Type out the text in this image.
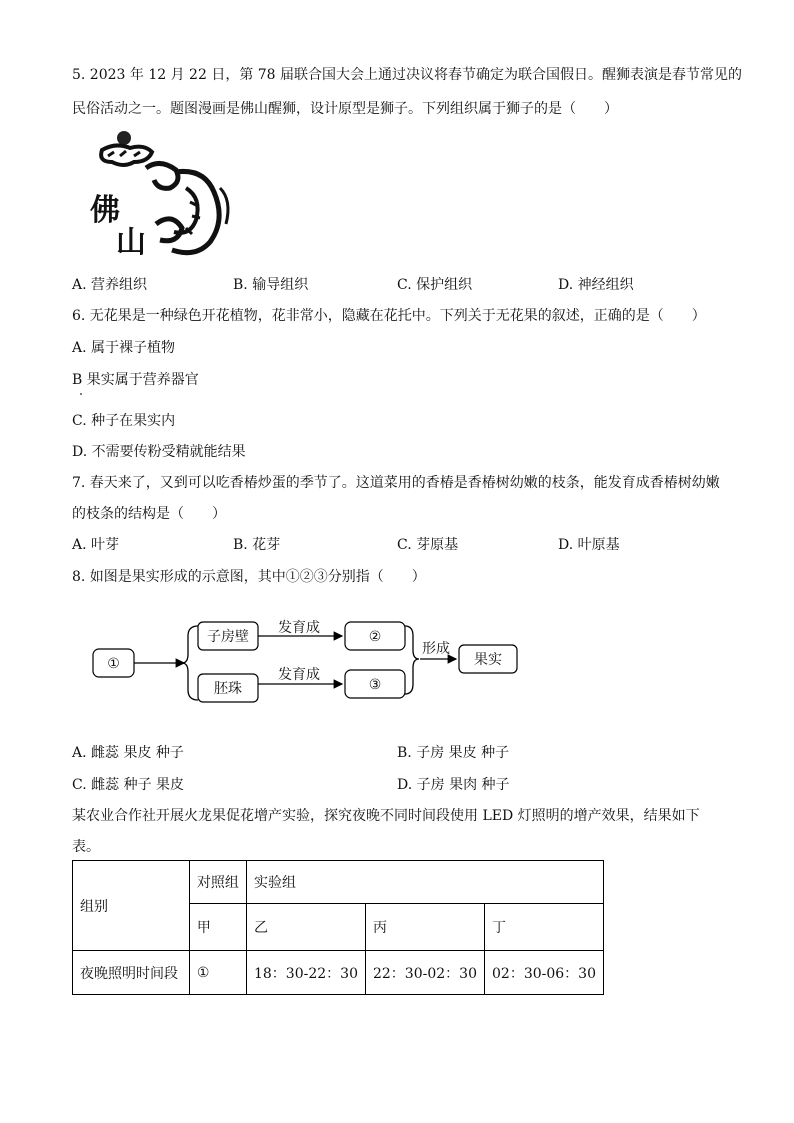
5. 2023 年 12 月 22 日，第 78 届联合国大会上通过决议将春节确定为联合国假日。醒狮表演是春节常见的
民俗活动之一。题图漫画是佛山醒狮，设计原型是狮子。下列组织属于狮子的是（　　）
佛
山
A. 营养组织	B. 输导组织	C. 保护组织	D. 神经组织
6. 无花果是一种绿色开花植物，花非常小，隐藏在花托中。下列关于无花果的叙述，正确的是（　　）
A. 属于裸子植物
B 果实属于营养器官
C. 种子在果实内
D. 不需要传粉受精就能结果
7. 春天来了，又到可以吃香椿炒蛋的季节了。这道菜用的香椿是香椿树幼嫩的枝条，能发育成香椿树幼嫩
的枝条的结构是（　　）
A. 叶芽	B. 花芽	C. 芽原基	D. 叶原基
8. 如图是果实形成的示意图，其中①②③分别指（　　）
①
子房壁
发育成
②
胚珠
发育成
③
形成
果实
A. 雌蕊 果皮 种子	B. 子房 果皮 种子
C. 雌蕊 种子 果皮	D. 子房 果肉 种子
某农业合作社开展火龙果促花增产实验，探究夜晚不同时间段使用 LED 灯照明的增产效果，结果如下
表。
组别	对照组	实验组		
	甲	乙	丙	丁
夜晚照明时间段	①	18：30-22：30	22：30-02：30	02：30-06：30
